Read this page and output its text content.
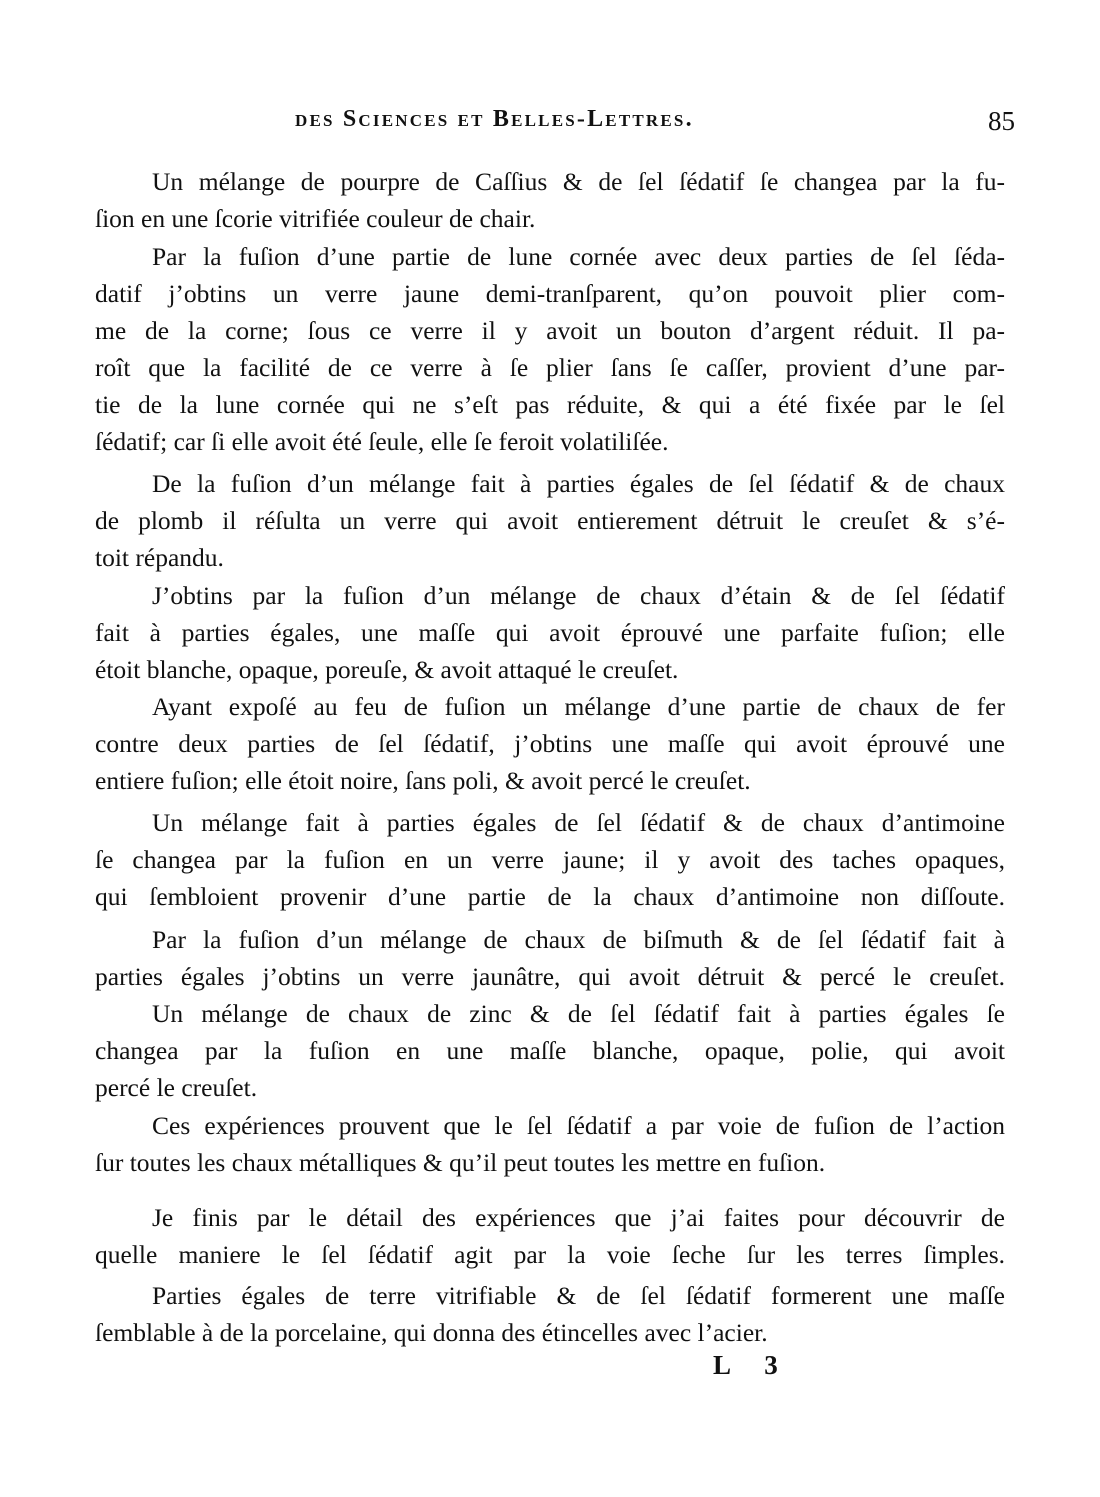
des Sciences et Belles-Lettres.	85
Un mélange de pourpre de Caſſius & de ſel ſédatif ſe changea par la fu-
ſion en une ſcorie vitrifiée couleur de chair.
Par la fuſion d’une partie de lune cornée avec deux parties de ſel ſéda-
datif j’obtins un verre jaune demi-tranſparent, qu’on pouvoit plier com-
me de la corne; ſous ce verre il y avoit un bouton d’argent réduit. Il pa-
roît que la facilité de ce verre à ſe plier ſans ſe caſſer, provient d’une par-
tie de la lune cornée qui ne s’eſt pas réduite, & qui a été fixée par le ſel
ſédatif; car ſi elle avoit été ſeule, elle ſe feroit volatiliſée.
De la fuſion d’un mélange fait à parties égales de ſel ſédatif & de chaux
de plomb il réſulta un verre qui avoit entierement détruit le creuſet & s’é-
toit répandu.
J’obtins par la fuſion d’un mélange de chaux d’étain & de ſel ſédatif
fait à parties égales, une maſſe qui avoit éprouvé une parfaite fuſion; elle
étoit blanche, opaque, poreuſe, & avoit attaqué le creuſet.
Ayant expoſé au feu de fuſion un mélange d’une partie de chaux de fer
contre deux parties de ſel ſédatif, j’obtins une maſſe qui avoit éprouvé une
entiere fuſion; elle étoit noire, ſans poli, & avoit percé le creuſet.
Un mélange fait à parties égales de ſel ſédatif & de chaux d’antimoine
ſe changea par la fuſion en un verre jaune; il y avoit des taches opaques,
qui ſembloient provenir d’une partie de la chaux d’antimoine non diſſoute.
Par la fuſion d’un mélange de chaux de biſmuth & de ſel ſédatif fait à
parties égales j’obtins un verre jaunâtre, qui avoit détruit & percé le creuſet.
Un mélange de chaux de zinc & de ſel ſédatif fait à parties égales ſe
changea par la fuſion en une maſſe blanche, opaque, polie, qui avoit
percé le creuſet.
Ces expériences prouvent que le ſel ſédatif a par voie de fuſion de l’action
ſur toutes les chaux métalliques & qu’il peut toutes les mettre en fuſion.
Je finis par le détail des expériences que j’ai faites pour découvrir de
quelle maniere le ſel ſédatif agit par la voie ſeche ſur les terres ſimples.
Parties égales de terre vitrifiable & de ſel ſédatif formerent une maſſe
ſemblable à de la porcelaine, qui donna des étincelles avec l’acier.
L 3
